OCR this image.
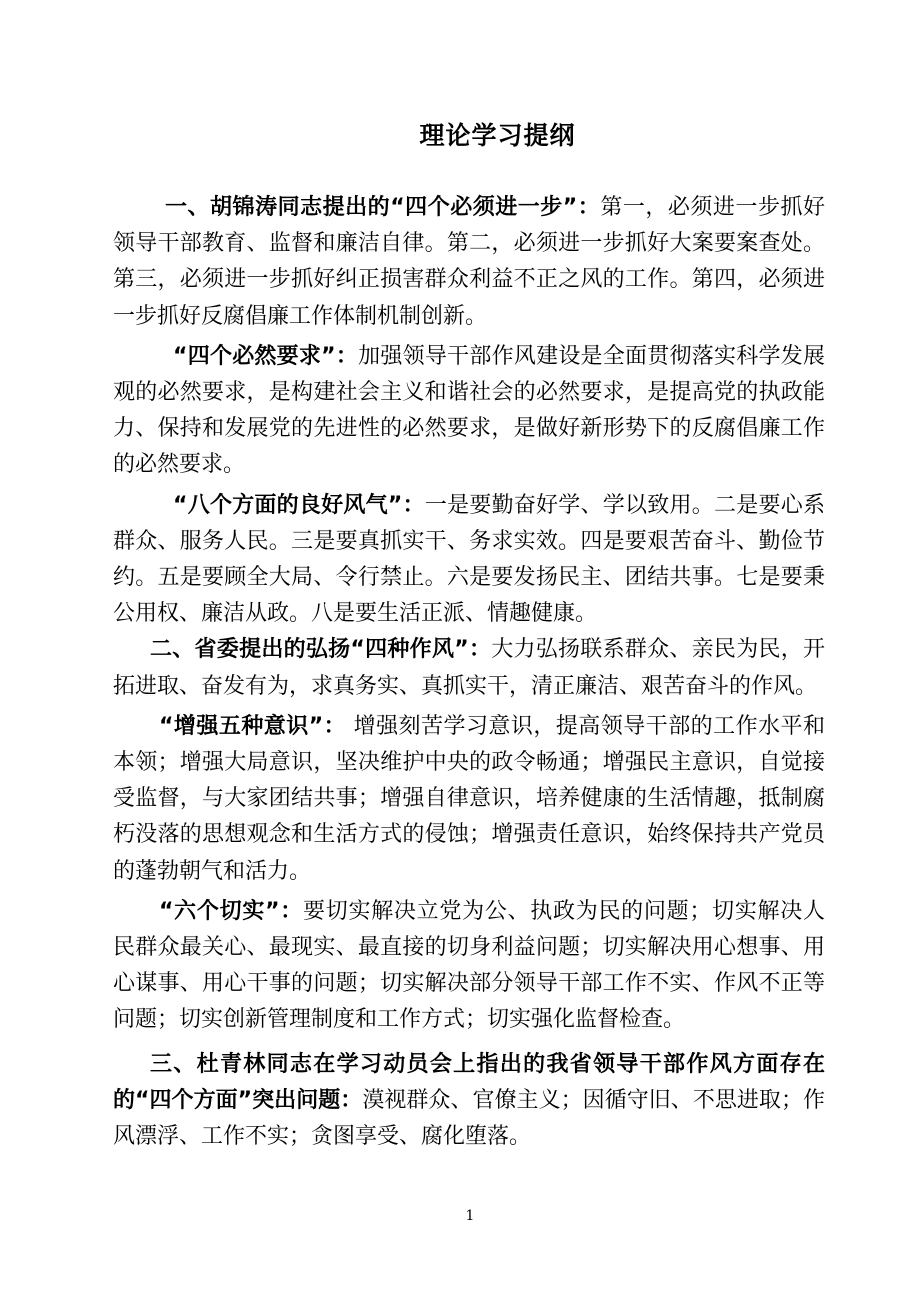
理论学习提纲

一、胡锦涛同志提出的“四个必须进一步”：第一，必须进一步抓好领导干部教育、监督和廉洁自律。第二，必须进一步抓好大案要案查处。第三，必须进一步抓好纠正损害群众利益不正之风的工作。第四，必须进一步抓好反腐倡廉工作体制机制创新。

“四个必然要求”：加强领导干部作风建设是全面贯彻落实科学发展观的必然要求，是构建社会主义和谐社会的必然要求，是提高党的执政能力、保持和发展党的先进性的必然要求，是做好新形势下的反腐倡廉工作的必然要求。

“八个方面的良好风气”：一是要勤奋好学、学以致用。二是要心系群众、服务人民。三是要真抓实干、务求实效。四是要艰苦奋斗、勤俭节约。五是要顾全大局、令行禁止。六是要发扬民主、团结共事。七是要秉公用权、廉洁从政。八是要生活正派、情趣健康。

二、省委提出的弘扬“四种作风”：大力弘扬联系群众、亲民为民，开拓进取、奋发有为，求真务实、真抓实干，清正廉洁、艰苦奋斗的作风。

“增强五种意识”： 增强刻苦学习意识，提高领导干部的工作水平和本领；增强大局意识，坚决维护中央的政令畅通；增强民主意识，自觉接受监督，与大家团结共事；增强自律意识，培养健康的生活情趣，抵制腐朽没落的思想观念和生活方式的侵蚀；增强责任意识，始终保持共产党员的蓬勃朝气和活力。

“六个切实”：要切实解决立党为公、执政为民的问题；切实解决人民群众最关心、最现实、最直接的切身利益问题；切实解决用心想事、用心谋事、用心干事的问题；切实解决部分领导干部工作不实、作风不正等问题；切实创新管理制度和工作方式；切实强化监督检查。

三、杜青林同志在学习动员会上指出的我省领导干部作风方面存在的“四个方面”突出问题：漠视群众、官僚主义；因循守旧、不思进取；作风漂浮、工作不实；贪图享受、腐化堕落。

1
